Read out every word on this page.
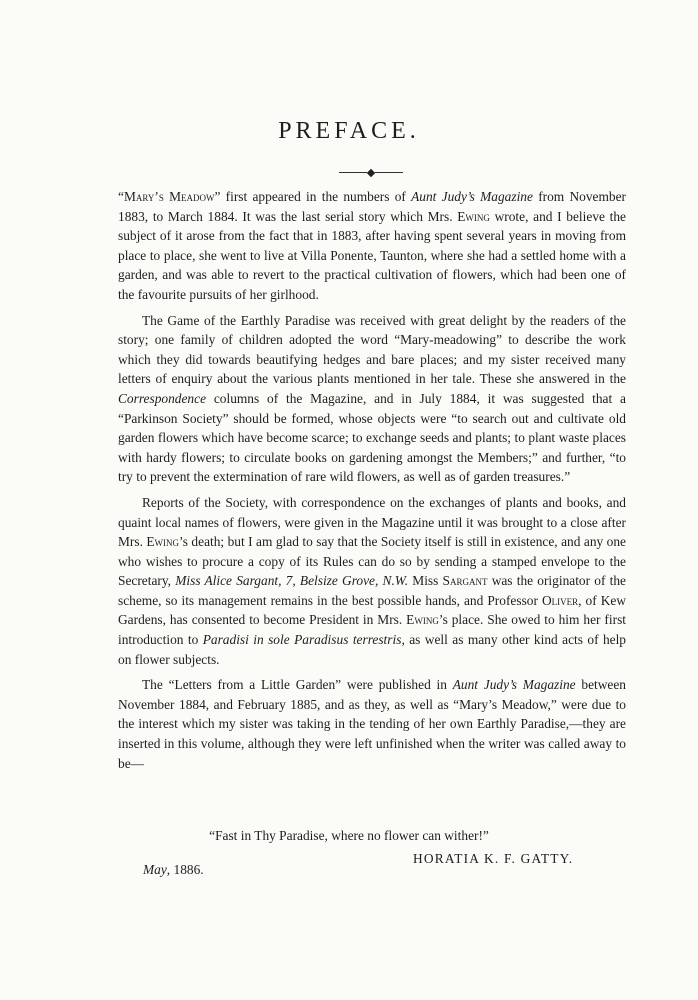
PREFACE.

“Mary’s Meadow” first appeared in the numbers of Aunt Judy’s Magazine from November 1883, to March 1884. It was the last serial story which Mrs. Ewing wrote, and I believe the subject of it arose from the fact that in 1883, after having spent several years in moving from place to place, she went to live at Villa Ponente, Taunton, where she had a settled home with a garden, and was able to revert to the practical cultivation of flowers, which had been one of the favourite pursuits of her girlhood.

The Game of the Earthly Paradise was received with great delight by the readers of the story; one family of children adopted the word “Mary-meadowing” to describe the work which they did towards beautifying hedges and bare places; and my sister received many letters of enquiry about the various plants mentioned in her tale. These she answered in the Correspondence columns of the Magazine, and in July 1884, it was suggested that a “Parkinson Society” should be formed, whose objects were “to search out and cultivate old garden flowers which have become scarce; to exchange seeds and plants; to plant waste places with hardy flowers; to circulate books on gardening amongst the Members;” and further, “to try to prevent the extermination of rare wild flowers, as well as of garden treasures.”

Reports of the Society, with correspondence on the exchanges of plants and books, and quaint local names of flowers, were given in the Magazine until it was brought to a close after Mrs. Ewing’s death; but I am glad to say that the Society itself is still in existence, and any one who wishes to procure a copy of its Rules can do so by sending a stamped envelope to the Secretary, Miss Alice Sargant, 7, Belsize Grove, N.W. Miss Sargant was the originator of the scheme, so its management remains in the best possible hands, and Professor Oliver, of Kew Gardens, has consented to become President in Mrs. Ewing’s place. She owed to him her first introduction to Paradisi in sole Paradisus terrestris, as well as many other kind acts of help on flower subjects.

The “Letters from a Little Garden” were published in Aunt Judy’s Magazine between November 1884, and February 1885, and as they, as well as “Mary’s Meadow,” were due to the interest which my sister was taking in the tending of her own Earthly Paradise,—they are inserted in this volume, although they were left unfinished when the writer was called away to be—

“Fast in Thy Paradise, where no flower can wither!”
HORATIA K. F. GATTY.
May, 1886.
